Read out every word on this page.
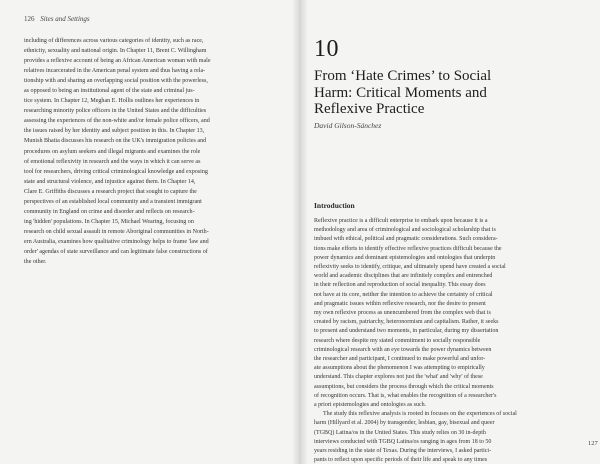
126 Sites and Settings
including of differences across various categories of identity, such as race,
ethnicity, sexuality and national origin. In Chapter 11, Brent C. Willingham
provides a reflexive account of being an African American woman with male
relatives incarcerated in the American penal system and thus having a rela-
tionship with and sharing an overlapping social position with the powerless,
as opposed to being an institutional agent of the state and criminal jus-
tice system. In Chapter 12, Meghan E. Hollis outlines her experiences in
researching minority police officers in the United States and the difficulties
assessing the experiences of the non-white and/or female police officers, and
the issues raised by her identity and subject position in this. In Chapter 13,
Munish Bhatia discusses his research on the UK's immigration policies and
procedures on asylum seekers and illegal migrants and examines the role
of emotional reflexivity in research and the ways in which it can serve as
tool for researchers, driving critical criminological knowledge and exposing
state and structural violence, and injustice against them. In Chapter 14,
Clare E. Griffiths discusses a research project that sought to capture the
perspectives of an established local community and a transient immigrant
community in England on crime and disorder and reflects on research-
ing 'hidden' populations. In Chapter 15, Michael Wearing, focusing on
research on child sexual assault in remote Aboriginal communities in North-
ern Australia, examines how qualitative criminology helps to frame 'law and
order' agendas of state surveillance and can legitimate false constructions of
the other.
10
From ‘Hate Crimes’ to Social
Harm: Critical Moments and
Reflexive Practice
David Gilson-Sánchez
Introduction
Reflexive practice is a difficult enterprise to embark upon because it is a
methodology and area of criminological and sociological scholarship that is
imbued with ethical, political and pragmatic considerations. Such considera-
tions make efforts to identify effective reflexive practices difficult because the
power dynamics and dominant epistemologies and ontologies that underpin
reflexivity seeks to identify, critique, and ultimately upend have created a social
world and academic disciplines that are infinitely complex and entrenched
in their reflection and reproduction of social inequality. This essay does
not have at its core, neither the intention to achieve the certainty of critical
and pragmatic issues within reflexive research, nor the desire to present
my own reflexive process as unencumbered from the complex web that is
created by racism, patriarchy, heteronormism and capitalism. Rather, it seeks
to present and understand two moments, in particular, during my dissertation
research where despite my stated commitment to socially responsible
criminological research with an eye towards the power dynamics between
the researcher and participant, I continued to make powerful and unfor-
ate assumptions about the phenomenon I was attempting to empirically
understand. This chapter explores not just the 'what' and 'why' of these
assumptions, but considers the process through which the critical moments
of recognition occurs. That is, what enables the recognition of a researcher's
a priori epistemologies and ontologies as such.
The study this reflexive analysis is rooted in focuses on the experiences of social
harm (Hillyard et al. 2004) by transgender, lesbian, gay, bisexual and queer
(TGBQ) Latina/os in the United States. This study relies on 30 in-depth
interviews conducted with TGBQ Latina/os ranging in ages from 18 to 50
years residing in the state of Texas. During the interviews, I asked partici-
pants to reflect upon specific periods of their life and speak to any times
127
